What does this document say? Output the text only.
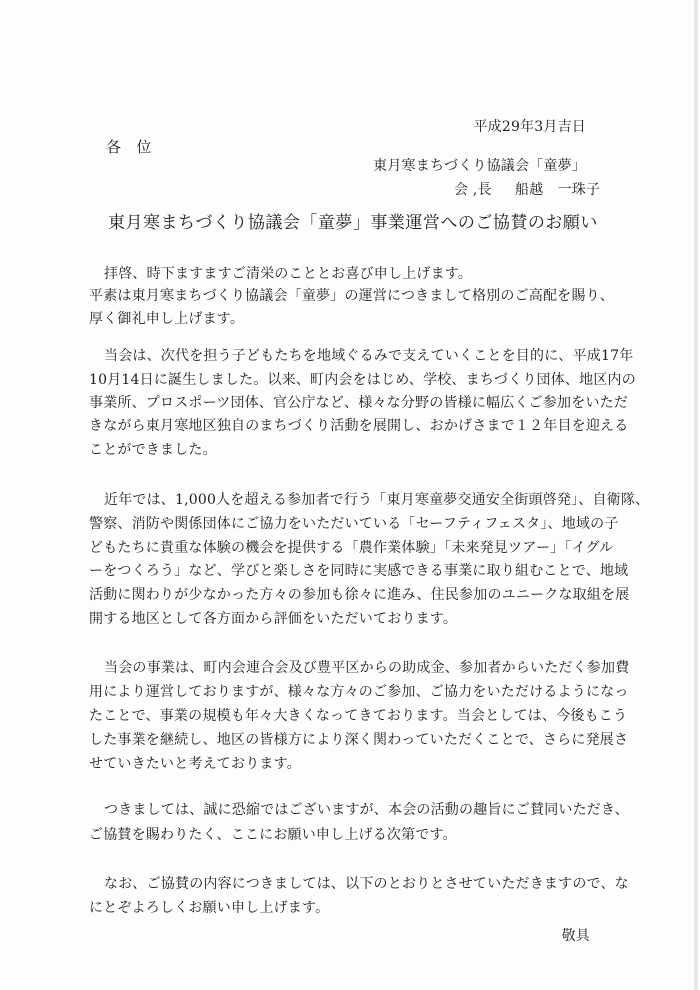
平成29年3月吉日
各　位
東月寒まちづくり協議会「童夢」
会 ,長 船越　一珠子
東月寒まちづくり協議会「童夢」事業運営へのご協賛のお願い
拝啓、時下ますますご清栄のこととお喜び申し上げます。
平素は東月寒まちづくり協議会「童夢」の運営につきまして格別のご高配を賜り、
厚く御礼申し上げます。
当会は、次代を担う子どもたちを地域ぐるみで支えていくことを目的に、平成17年
10月14日に誕生しました。以来、町内会をはじめ、学校、まちづくり団体、地区内の
事業所、プロスポーツ団体、官公庁など、様々な分野の皆様に幅広くご参加をいただ
きながら東月寒地区独自のまちづくり活動を展開し、おかげさまで１２年目を迎える
ことができました。
近年では、1,000人を超える参加者で行う「東月寒童夢交通安全街頭啓発」、自衛隊、
警察、消防や関係団体にご協力をいただいている「セーフティフェスタ」、地域の子
どもたちに貴重な体験の機会を提供する「農作業体験」「未来発見ツアー」「イグル
ーをつくろう」など、学びと楽しさを同時に実感できる事業に取り組むことで、地域
活動に関わりが少なかった方々の参加も徐々に進み、住民参加のユニークな取組を展
開する地区として各方面から評価をいただいております。
当会の事業は、町内会連合会及び豊平区からの助成金、参加者からいただく参加費
用により運営しておりますが、様々な方々のご参加、ご協力をいただけるようになっ
たことで、事業の規模も年々大きくなってきております。当会としては、今後もこう
した事業を継続し、地区の皆様方により深く関わっていただくことで、さらに発展さ
せていきたいと考えております。
つきましては、誠に恐縮ではございますが、本会の活動の趣旨にご賛同いただき、
ご協賛を賜わりたく、ここにお願い申し上げる次第です。
なお、ご協賛の内容につきましては、以下のとおりとさせていただきますので、な
にとぞよろしくお願い申し上げます。
敬具
